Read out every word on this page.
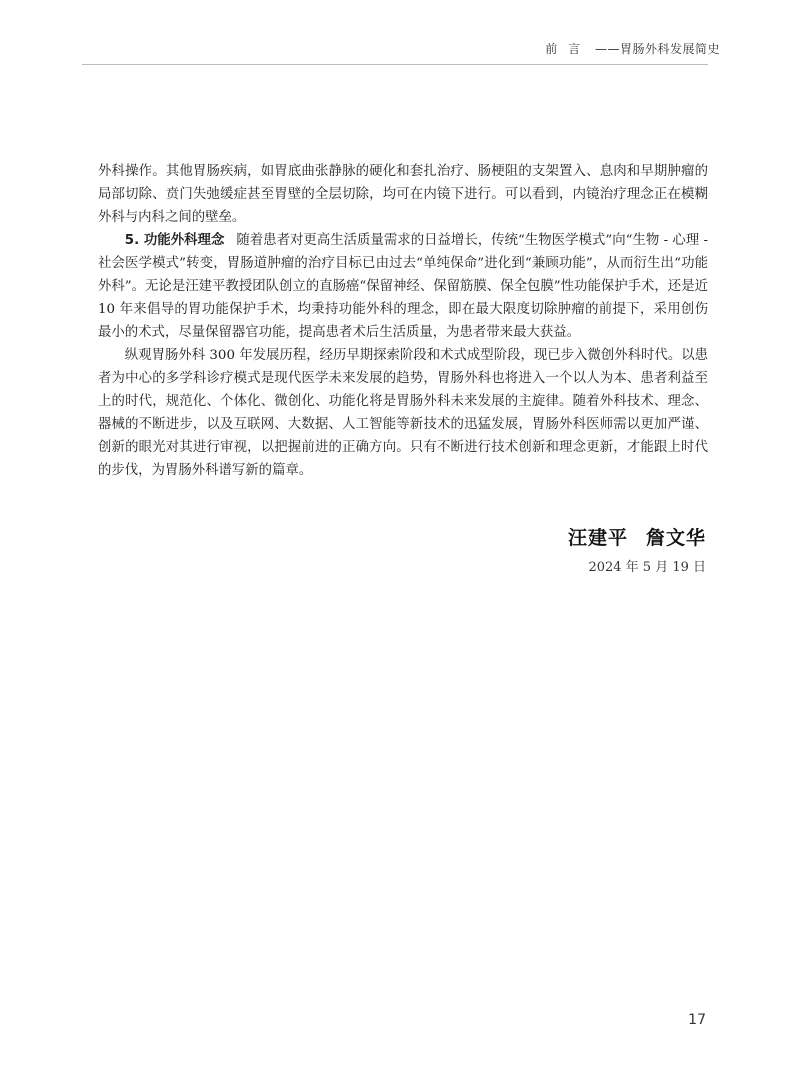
前 言 ——胃肠外科发展简史

外科操作。其他胃肠疾病，如胃底曲张静脉的硬化和套扎治疗、肠梗阻的支架置入、息肉和早期肿瘤的局部切除、贲门失弛缓症甚至胃壁的全层切除，均可在内镜下进行。可以看到，内镜治疗理念正在模糊外科与内科之间的壁垒。

5. 功能外科理念 随着患者对更高生活质量需求的日益增长，传统“生物医学模式”向“生物 - 心理 - 社会医学模式”转变，胃肠道肿瘤的治疗目标已由过去“单纯保命”进化到“兼顾功能”，从而衍生出“功能外科”。无论是汪建平教授团队创立的直肠癌“保留神经、保留筋膜、保全包膜”性功能保护手术，还是近 10 年来倡导的胃功能保护手术，均秉持功能外科的理念，即在最大限度切除肿瘤的前提下，采用创伤最小的术式，尽量保留器官功能，提高患者术后生活质量，为患者带来最大获益。

纵观胃肠外科 300 年发展历程，经历早期探索阶段和术式成型阶段，现已步入微创外科时代。以患者为中心的多学科诊疗模式是现代医学未来发展的趋势，胃肠外科也将进入一个以人为本、患者利益至上的时代，规范化、个体化、微创化、功能化将是胃肠外科未来发展的主旋律。随着外科技术、理念、器械的不断进步，以及互联网、大数据、人工智能等新技术的迅猛发展，胃肠外科医师需以更加严谨、创新的眼光对其进行审视，以把握前进的正确方向。只有不断进行技术创新和理念更新，才能跟上时代的步伐，为胃肠外科谱写新的篇章。

汪建平 詹文华
2024 年 5 月 19 日
17
